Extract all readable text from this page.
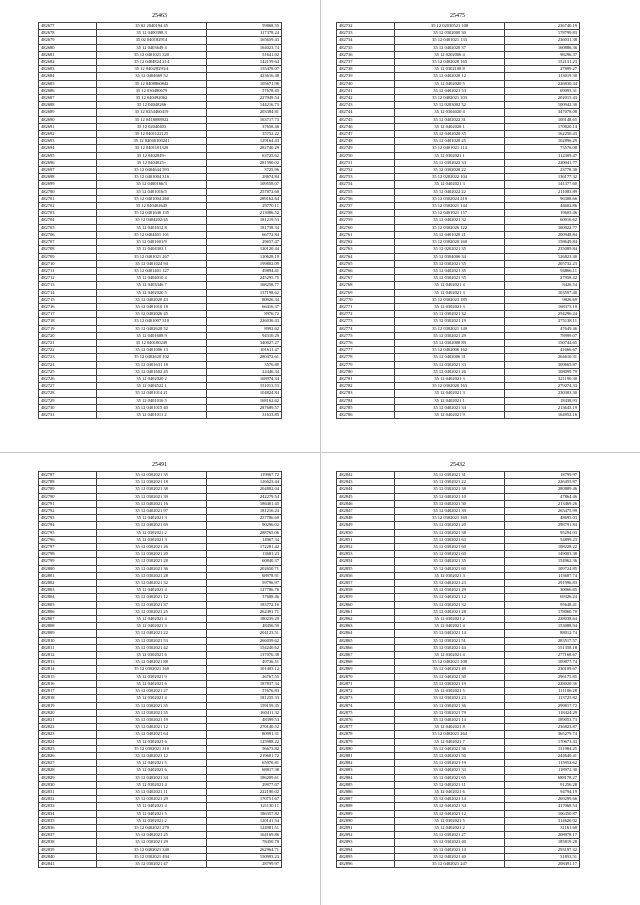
25463
482677	35 02 2040194 45	59868.55
482678	35 12 0400398 3	117378.24
482679	35 02 040182914	165659.43
482680	35 12 0403649 4	164023.74
482681	35 12 0401021 320	51641.02
482682	35 12 0404824 214	142159.64
482683	35 12 0404/8293/4	155478.07
482684	35 12 0404669 52	423616.48
482685	35 12 0408860842	105671.96
482686	35 12 030480679	57678.45
482687	35 12 040492062	227949.54
482688	35 12 04048266	144216.73
482689	35 12 0254460419	203384.81
482690	35 12 0418088922	163717.73
482691	35 12 02040403	37658.46
482692	35 12 0401122125	35752.22
482693	35 12 02040100241	129164.43
482694	35 12 0401101320	282740.29
482695	35 12 0402049~	63725.62
482696	35 12 0404025+	281590.02
482697	35 12 0404644 593	3725.96
482698	35 12 0401004 316	28674.84
482699	35 12 0400166/3	109558.07
482700	35 12 0401016/5	257872.60
482701	35 12 0401004 260	289162.64
482702	35 12 040402645	29770.11
482703	35 12 0401640 135	213086.52
482704	35 12 0404202/45	181219.53
482705	35 12 0401612 8	181738.34
482706	35 12 0404401 101	66772.84
482707	35 12 0401601/9	29657.47
482708	35 12 0404303 1	120120.44
482709	35 12 0401021 267	120628.19
482710	35 12 0401024 94	199802.09
482711	35 12 0401401 127	49894.41
482712	35 12 0404010 4	245295.75
482713	35 12 0403346 7	168258.77
482714	35 12 0402020 5	137198.62
482715	35 12 0402020 43	80926.34
482716	35 12 0401010 18	66416.37
482717	35 12 0402026 45	8976.72
482718	35 12 0401007 310	226036.43
482719	35 12 0402620 52	8992.62
482720	35 12 0401608 9	94310.29
482721	35 12 040100249	340027.27
482722	35 12 0401006 13	101611.47
482723	35 12 0402620 102	280472.61
482724	35 12 0401631 18	3576.80
482725	35 12 0401602 45	22446.34
482726	35 12 0402020 2	168974.34
482727	35 12 0404522 1	151013.53
482728	35 12 0401014 21	104824.84
482729	35 12 0401016 5	168162.62
482730	35 12 0401015 40	287689.57
482731	35 12 0401011 2	31633.85
25475
482732	35 12 02030521 108	236740.19
482733	35 12 0302000 30	178799.83
482734	35 12 0401021 133	236031.38
482735	35 12 0402020 37	160886.36
482736	35 12 0202006 4	98296.37
482737	35 12 0402028 165	152131.23
482738	35 12 0302108 8	27899.27
482739	35 12 0402020 12	113019.30
482740	35 12 0402020 5	226830.44
482741	35 12 0402021 53	69095.31
482742	35 12 0402021 103	202015.43
482743	35 12 0203002 32	100942.30
482744	35 12 0304020 4	347078.08
482745	35 12 0402022 31	100148.65
482746	35 12 0402028 1	170820.14
482747	35 12 0402020 35	162250.43
482748	35 12 0401020 25	102896.29
482749	35 12 0401021 114	73576.08
482750	35 12 0302021 1	112309.47
482751	35 12 0302022 33	220041.77
482752	35 12 0302020 22	23778.30
482753	35 12 0202022 104	136177.32
482754	35 12 0402021 3	141377.60
482755	35 12 0402022 22	211083.89
482756	35 12 0302024 219	96308.66
482757	35 12 0302021 144	44602.86
482758	35 12 0401021 157	19605.46
482759	35 12 0402021 32	60016.62
482760	35 12 0302026 122	160022.77
482761	35 12 0401020 21	200948.84
482762	35 12 0302020 160	158649.84
482763	35 12 0202021 35	235089.84
482764	35 12 0304006 34	126823.40
482765	35 12 0302021 35	205732.23
482766	35 12 0402021 35	94866.11
482767	35 12 0302021 35	27958.42
482768	35 12 0402021 4	8426.54
482769	35 12 0402021 3	103597.40
482770	35 12 0302023 185	9826.69
482771	35 12 0302021 3	168373.19
482772	35 12 0302021 32	254296.24
482773	35 12 0302021 19	275138.11
482774	35 12 0302021 149	47649.46
482775	35 12 0302021 29	78999.07
482776	35 12 0302008 89	150744.65
482777	35 12 0402006 162	41666.67
482778	35 12 0402006 31	264610.31
482779	35 12 0302021 33	309665.87
482780	35 12 0402021 26	108099.79
482781	35 12 0402021 3	321190.30
482782	35 12 0302020 163	279274.33
482783	35 12 0402021 3	230303.30
482784	35 12 0402021 1	18438.93
482785	35 12 0402021 34	213643.19
482786	35 12 0402021 9	164952.16
25491
482787	35 12 0302021 35	119967.72
482788	35 12 0302021 18	126623.44
482789	35 12 0302021 38	204802.04
482790	35 12 0302021 39	242279.54
482791	35 12 0402021 16	186401.45
482792	35 12 0402021 97	181216.24
482793	35 12 0402021 3	257786.69
482794	35 12 0402021 69	90296.02
482795	35 12 0302021 2	288765.06
482796	35 12 0302021 3	14967.34
482797	35 12 0302021 26	172281.42
482798	35 12 0302021 20	13681.23
482799	35 12 0302021 28	60840.37
482800	35 12 0402021 36	202650.71
482801	35 12 0302021 28	68978.91
482802	35 12 0402021 32	59796.97
482803	35 12 0402021 4	127786.76
482804	35 12 0402021 12	37608.46
482805	35 12 0302021 37	183772.16
482806	35 12 0302021 25	262491.71
482807	35 12 0402021 4	180239.29
482808	35 12 0402021 3	48456.59
482809	35 12 0402021 22	204123.51
482810	35 12 0302021 53	266039.62
482811	35 12 0302021 42	154240.62
482812	35 12 0302021 6	137076.38
482813	35 12 0402021 88	49736.51
482814	35 12 0302021 160	101403.12
482815	35 12 0302021 9	26767.55
482816	35 12 0402021 6	187837.34
482817	35 12 0302021 27	57676.83
482818	35 12 0302021 4	181235.33
482819	35 12 0302021 35	159159.35
482820	35 12 0302021 35	160411.32
482821	35 12 0302021 19	48399.53
482822	35 12 0402021 12	270140.52
482823	35 12 0402021 64	80991.31
482824	35 12 0302021 6	125988.22
482825	35 12 0302021 310	56673.82
482826	35 12 0402021 12	219601.72
482827	35 12 0402021 5	65970.81
482828	35 12 0402021 6	68817.38
482829	35 12 0402021 34	186209.61
482830	35 12 0302021 4	29977.07
482831	35 12 0402021 11	222180.02
482832	35 12 0302021 29	170751.67
482833	35 12 0402021 4	121130.11
482834	35 12 0402021 5	186357.82
482835	35 12 0302021 2	120141.54
482836	35 12 0402021 270	124981.51
482837	35 12 0402021 25	164169.86
482838	35 12 0302021 29	78450.79
482839	35 12 0402021 340	262964.71
482840	35 12 0302021 494	150993.23
482841	35 12 0302021 47	28799.97
25432
482842	35 12 0302021 31	18799.97
482843	35 12 0302021 22	226455.87
482844	35 12 0302021 38	280889.46
482845	35 12 0402021 10	47864.46
482846	35 12 0402021 30	213469.26
482847	35 12 0402021 39	265475.99
482848	35 12 0302021 169	48695.03
482849	35 12 0302021 20	298791.84
482850	35 12 0302021 38	95294.03
482851	35 12 0302021 63	54899.23
482852	35 12 0302021 60	108228.22
482853	35 12 0302021 60	149003.38
482854	35 12 0402021 35	154962.36
482855	35 12 0402021 60	109724.85
482856	35 12 0302021 3	113687.74
482857	35 12 0402021 23	291996.83
482858	35 12 0302021 29	30066.85
482859	35 12 0402021 12	69326.24
482860	35 12 0302021 32	95648.41
482861	35 12 0402021 28	178060.70
482862	35 12 0302021 2	228038.64
482863	35 12 0402021 4	153088.94
482864	35 12 0402021 14	88012.74
482865	35 12 0302021 51	283517.57
482866	35 12 0302021 44	151358.18
482867	35 12 0302021 4	277168.67
482868	35 12 0402021 108	109877.74
482869	35 12 0402021 49	230109.67
482870	35 12 0402021 30	296175.85
482871	35 12 0302021 19	228020.36
482872	35 12 0302021 5	111106.28
482873	35 12 0302021 23	113725.82
482874	35 12 0302021 36	299817.72
482875	35 12 0302021 79	118424.29
482876	35 12 0402021 14	189053.73
482877	35 12 0402021 8	236823.87
482878	35 12 0402021 264	365279.74
482879	35 12 0402021 7	170673.43
482880	35 12 0402021 36	131984.25
482881	35 12 0402021 50	244640.41
482882	35 12 0302021 19	115952.62
482883	35 12 0402021 33	118972.30
482884	35 12 0402021 65	688178.27
482885	35 12 0402021 11	91256.28
482886	35 12 0402021 6	94794.19
482887	35 12 0402021 14	269299.66
482888	35 12 0402021 34	417068.54
482889	35 12 0402021 12	106350.87
482890	35 12 0302021 5	314620.02
482891	35 12 0402021 2	31161.68
482892	35 12 0302021 27	208078.17
482893	35 12 0302021 40	185819.28
482894	35 12 0402021 14	293197.42
482895	35 12 0402021 40	31853.51
482896	35 12 0402021 247	208491.17
